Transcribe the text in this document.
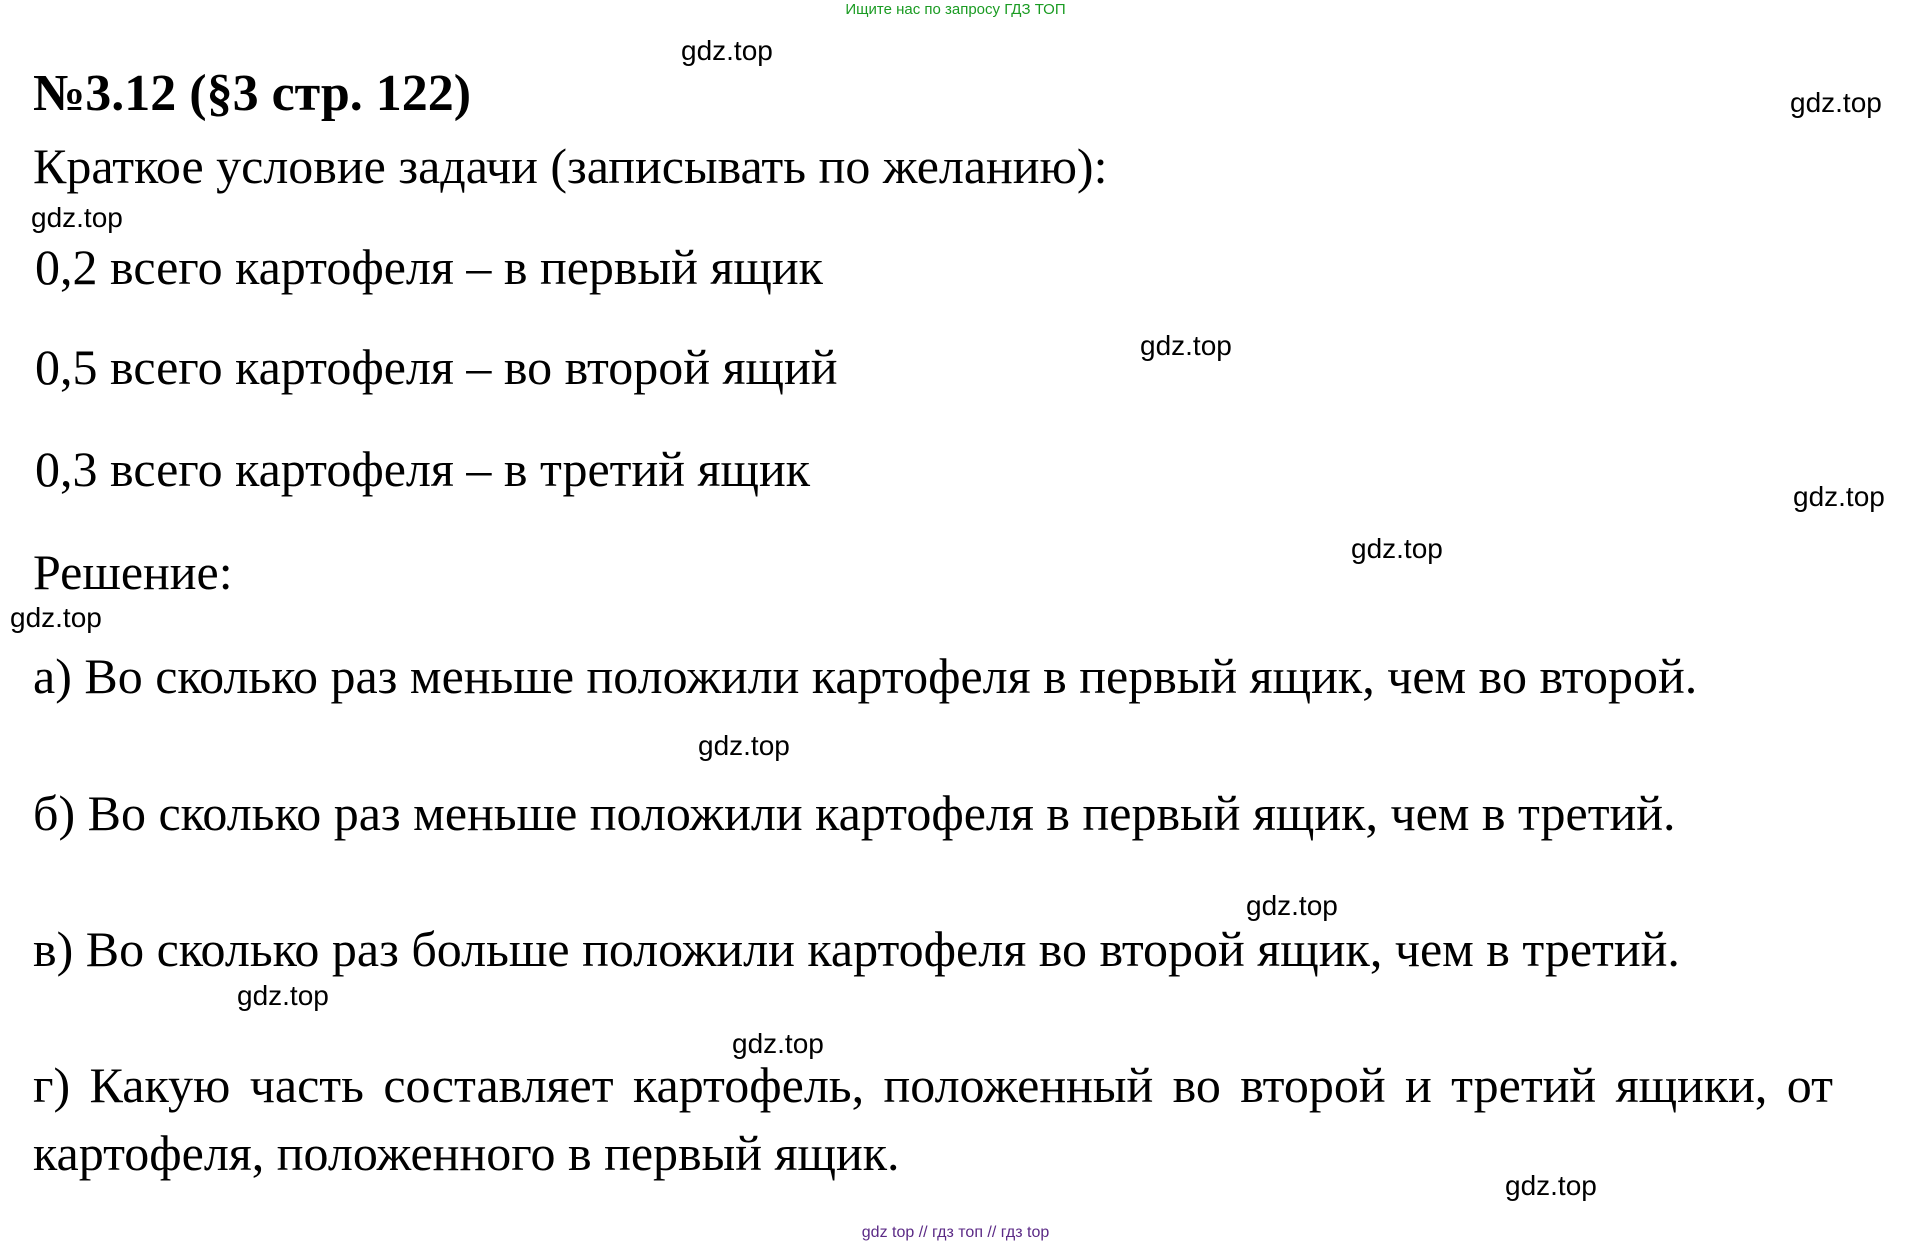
Ищите нас по запросу ГДЗ ТОП
№3.12 (§3 стр. 122)
Краткое условие задачи (записывать по желанию):
0,2 всего картофеля – в первый ящик
0,5 всего картофеля – во второй ящий
0,3 всего картофеля – в третий ящик
Решение:
а) Во сколько раз меньше положили картофеля в первый ящик, чем во второй.
б) Во сколько раз меньше положили картофеля в первый ящик, чем в третий.
в) Во сколько раз больше положили картофеля во второй ящик, чем в третий.
г) Какую часть составляет картофель, положенный во второй и третий ящики, от картофеля, положенного в первый ящик.
gdz.top
gdz.top
gdz.top
gdz.top
gdz.top
gdz.top
gdz.top
gdz.top
gdz.top
gdz.top
gdz.top
gdz.top
gdz top // гдз топ // гдз top
